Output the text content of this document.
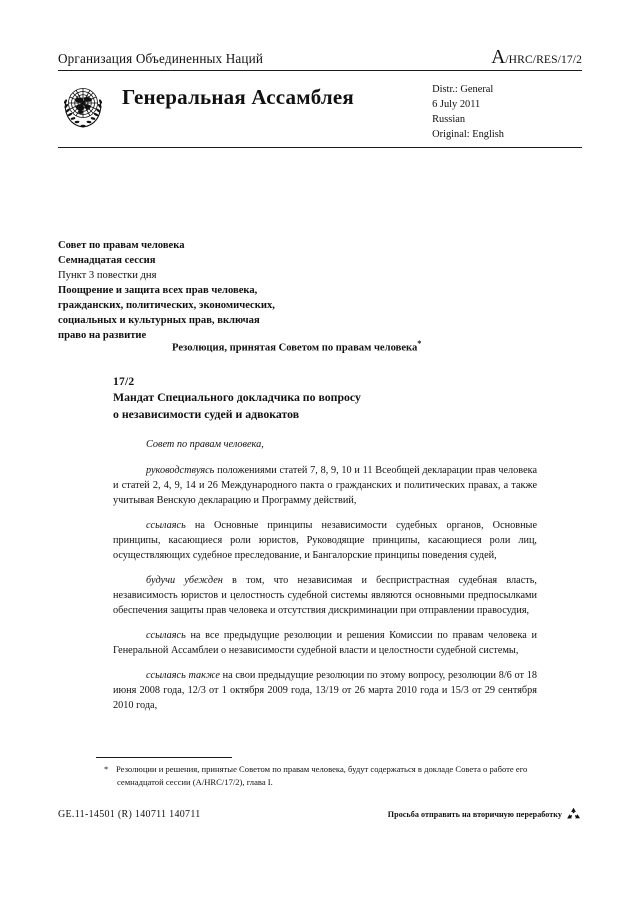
Организация Объединенных Наций	A /HRC/RES/17/2
Генеральная Ассамблея	Distr.: General
6 July 2011
Russian
Original: English
Совет по правам человека
Семнадцатая сессия
Пункт 3 повестки дня
Поощрение и защита всех прав человека,
гражданских, политических, экономических,
социальных и культурных прав, включая
право на развитие
Резолюция, принятая Советом по правам человека*
17/2
Мандат Специального докладчика по вопросу
о независимости судей и адвокатов

Совет по правам человека,

руководствуясь положениями статей 7, 8, 9, 10 и 11 Всеобщей декларации прав человека и статей 2, 4, 9, 14 и 26 Международного пакта о гражданских и политических правах, а также учитывая Венскую декларацию и Программу действий,

ссылаясь на Основные принципы независимости судебных органов, Основные принципы, касающиеся роли юристов, Руководящие принципы, касающиеся роли лиц, осуществляющих судебное преследование, и Бангалорские принципы поведения судей,

будучи убежден в том, что независимая и беспристрастная судебная власть, независимость юристов и целостность судебной системы являются основными предпосылками обеспечения защиты прав человека и отсутствия дискриминации при отправлении правосудия,

ссылаясь на все предыдущие резолюции и решения Комиссии по правам человека и Генеральной Ассамблеи о независимости судебной власти и целостности судебной системы,

ссылаясь также на свои предыдущие резолюции по этому вопросу, резолюции 8/6 от 18 июня 2008 года, 12/3 от 1 октября 2009 года, 13/19 от 26 марта 2010 года и 15/3 от 29 сентября 2010 года,

* Резолюции и решения, принятые Советом по правам человека, будут содержаться в докладе Совета о работе его семнадцатой сессии (A/HRC/17/2), глава I.
GE.11-14501 (R) 140711 140711	Просьба отправить на вторичную переработку
